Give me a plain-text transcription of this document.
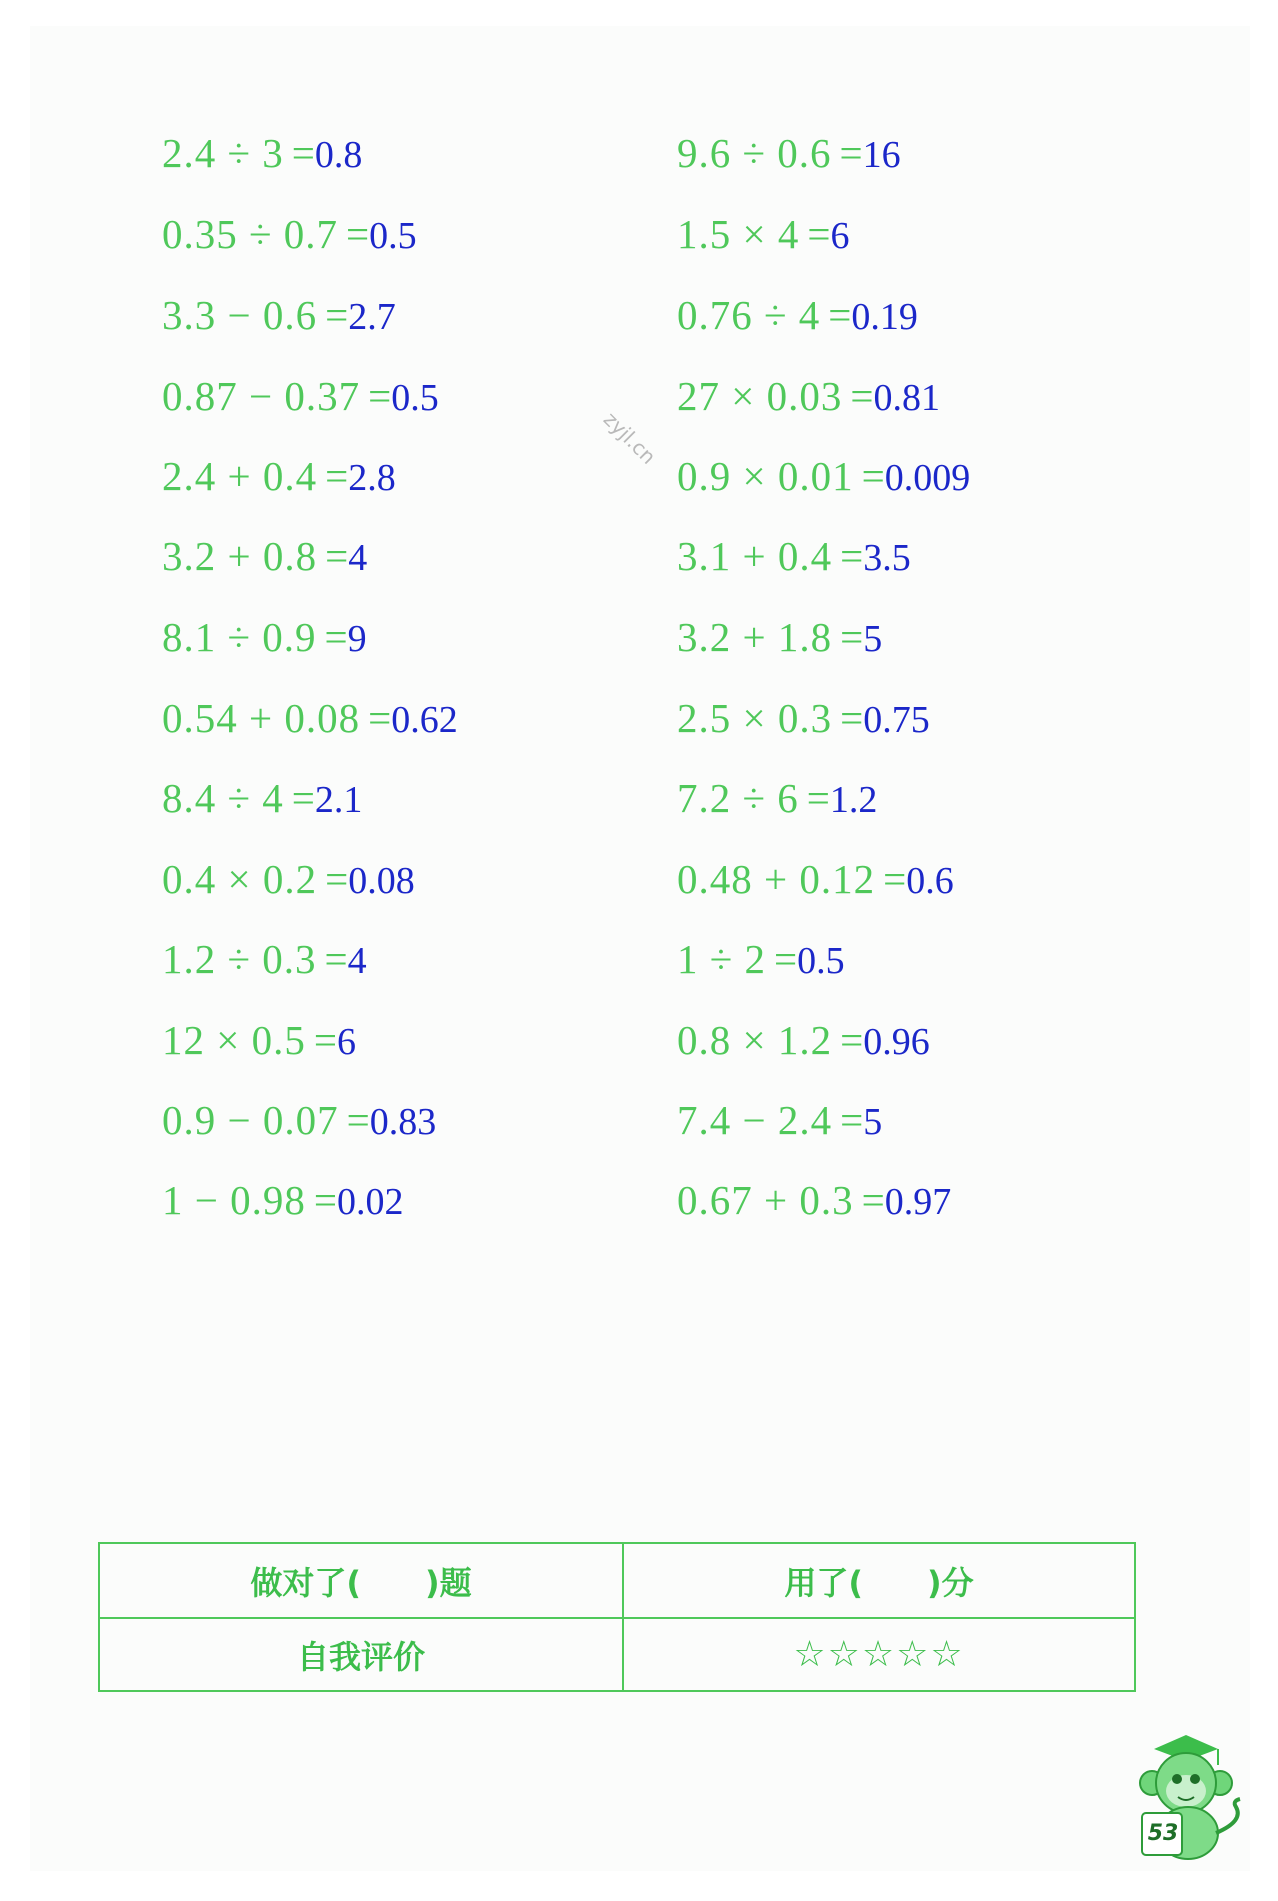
zyjl.cn
2.4 ÷ 3 =0.8
0.35 ÷ 0.7 =0.5
3.3 − 0.6 =2.7
0.87 − 0.37 =0.5
2.4 + 0.4 =2.8
3.2 + 0.8 =4
8.1 ÷ 0.9 =9
0.54 + 0.08 =0.62
8.4 ÷ 4 =2.1
0.4 × 0.2 =0.08
1.2 ÷ 0.3 =4
12 × 0.5 =6
0.9 − 0.07 =0.83
1 − 0.98 =0.02
9.6 ÷ 0.6 =16
1.5 × 4 =6
0.76 ÷ 4 =0.19
27 × 0.03 =0.81
0.9 × 0.01 =0.009
3.1 + 0.4 =3.5
3.2 + 1.8 =5
2.5 × 0.3 =0.75
7.2 ÷ 6 =1.2
0.48 + 0.12 =0.6
1 ÷ 2 =0.5
0.8 × 1.2 =0.96
7.4 − 2.4 =5
0.67 + 0.3 =0.97
做对了(　　)题	用了(　　)分
自我评价	☆☆☆☆☆
53
